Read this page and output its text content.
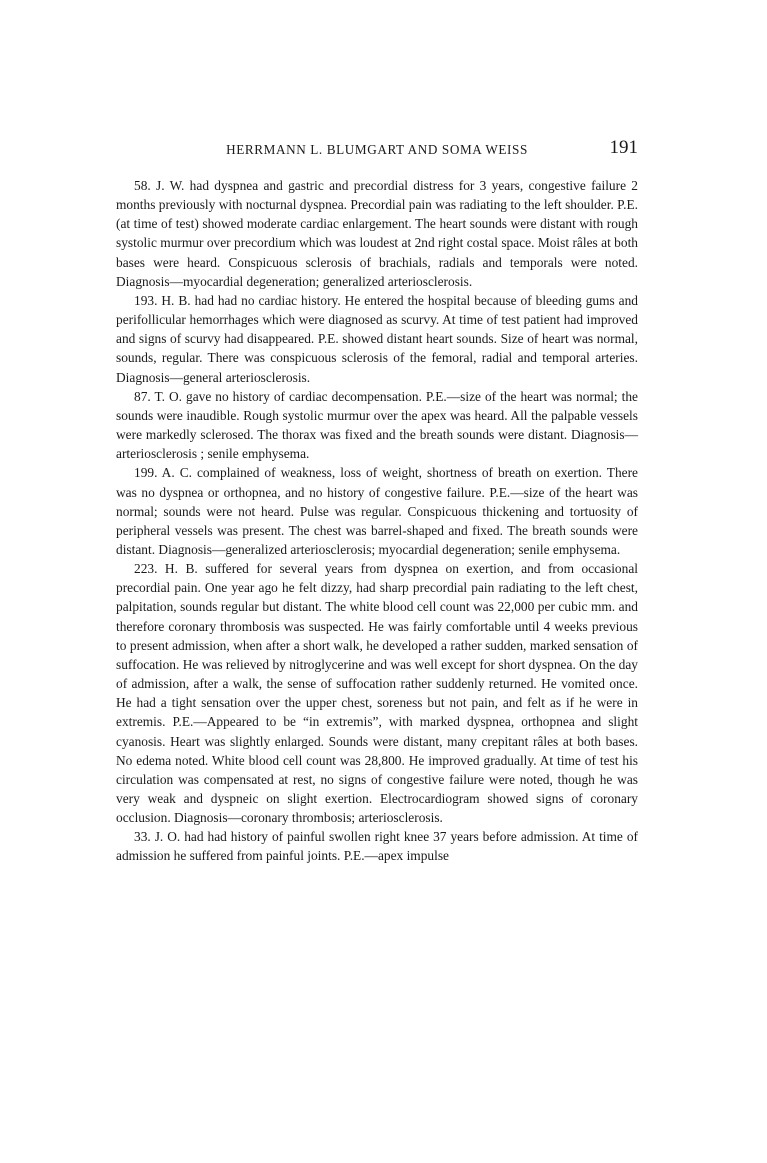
HERRMANN L. BLUMGART AND SOMA WEISS	191

58. J. W. had dyspnea and gastric and precordial distress for 3 years, congestive failure 2 months previously with nocturnal dyspnea. Precordial pain was radiating to the left shoulder. P.E. (at time of test) showed moderate cardiac enlargement. The heart sounds were distant with rough systolic murmur over precordium which was loudest at 2nd right costal space. Moist râles at both bases were heard. Conspicuous sclerosis of brachials, radials and temporals were noted. Diagnosis—myocardial degeneration; generalized arteriosclerosis.

193. H. B. had had no cardiac history. He entered the hospital because of bleeding gums and perifollicular hemorrhages which were diagnosed as scurvy. At time of test patient had improved and signs of scurvy had disappeared. P.E. showed distant heart sounds. Size of heart was normal, sounds, regular. There was conspicuous sclerosis of the femoral, radial and temporal arteries. Diagnosis—general arteriosclerosis.

87. T. O. gave no history of cardiac decompensation. P.E.—size of the heart was normal; the sounds were inaudible. Rough systolic murmur over the apex was heard. All the palpable vessels were markedly sclerosed. The thorax was fixed and the breath sounds were distant. Diagnosis—arteriosclerosis ; senile emphysema.

199. A. C. complained of weakness, loss of weight, shortness of breath on exertion. There was no dyspnea or orthopnea, and no history of congestive failure. P.E.—size of the heart was normal; sounds were not heard. Pulse was regular. Conspicuous thickening and tortuosity of peripheral vessels was present. The chest was barrel-shaped and fixed. The breath sounds were distant. Diagnosis—generalized arteriosclerosis; myocardial degeneration; senile emphysema.

223. H. B. suffered for several years from dyspnea on exertion, and from occasional precordial pain. One year ago he felt dizzy, had sharp precordial pain radiating to the left chest, palpitation, sounds regular but distant. The white blood cell count was 22,000 per cubic mm. and therefore coronary thrombosis was suspected. He was fairly comfortable until 4 weeks previous to present admission, when after a short walk, he developed a rather sudden, marked sensation of suffocation. He was relieved by nitroglycerine and was well except for short dyspnea. On the day of admission, after a walk, the sense of suffocation rather suddenly returned. He vomited once. He had a tight sensation over the upper chest, soreness but not pain, and felt as if he were in extremis. P.E.—Appeared to be “in extremis”, with marked dyspnea, orthopnea and slight cyanosis. Heart was slightly enlarged. Sounds were distant, many crepitant râles at both bases. No edema noted. White blood cell count was 28,800. He improved gradually. At time of test his circulation was compensated at rest, no signs of congestive failure were noted, though he was very weak and dyspneic on slight exertion. Electrocardiogram showed signs of coronary occlusion. Diagnosis—coronary thrombosis; arteriosclerosis.

33. J. O. had had history of painful swollen right knee 37 years before admission. At time of admission he suffered from painful joints. P.E.—apex impulse
